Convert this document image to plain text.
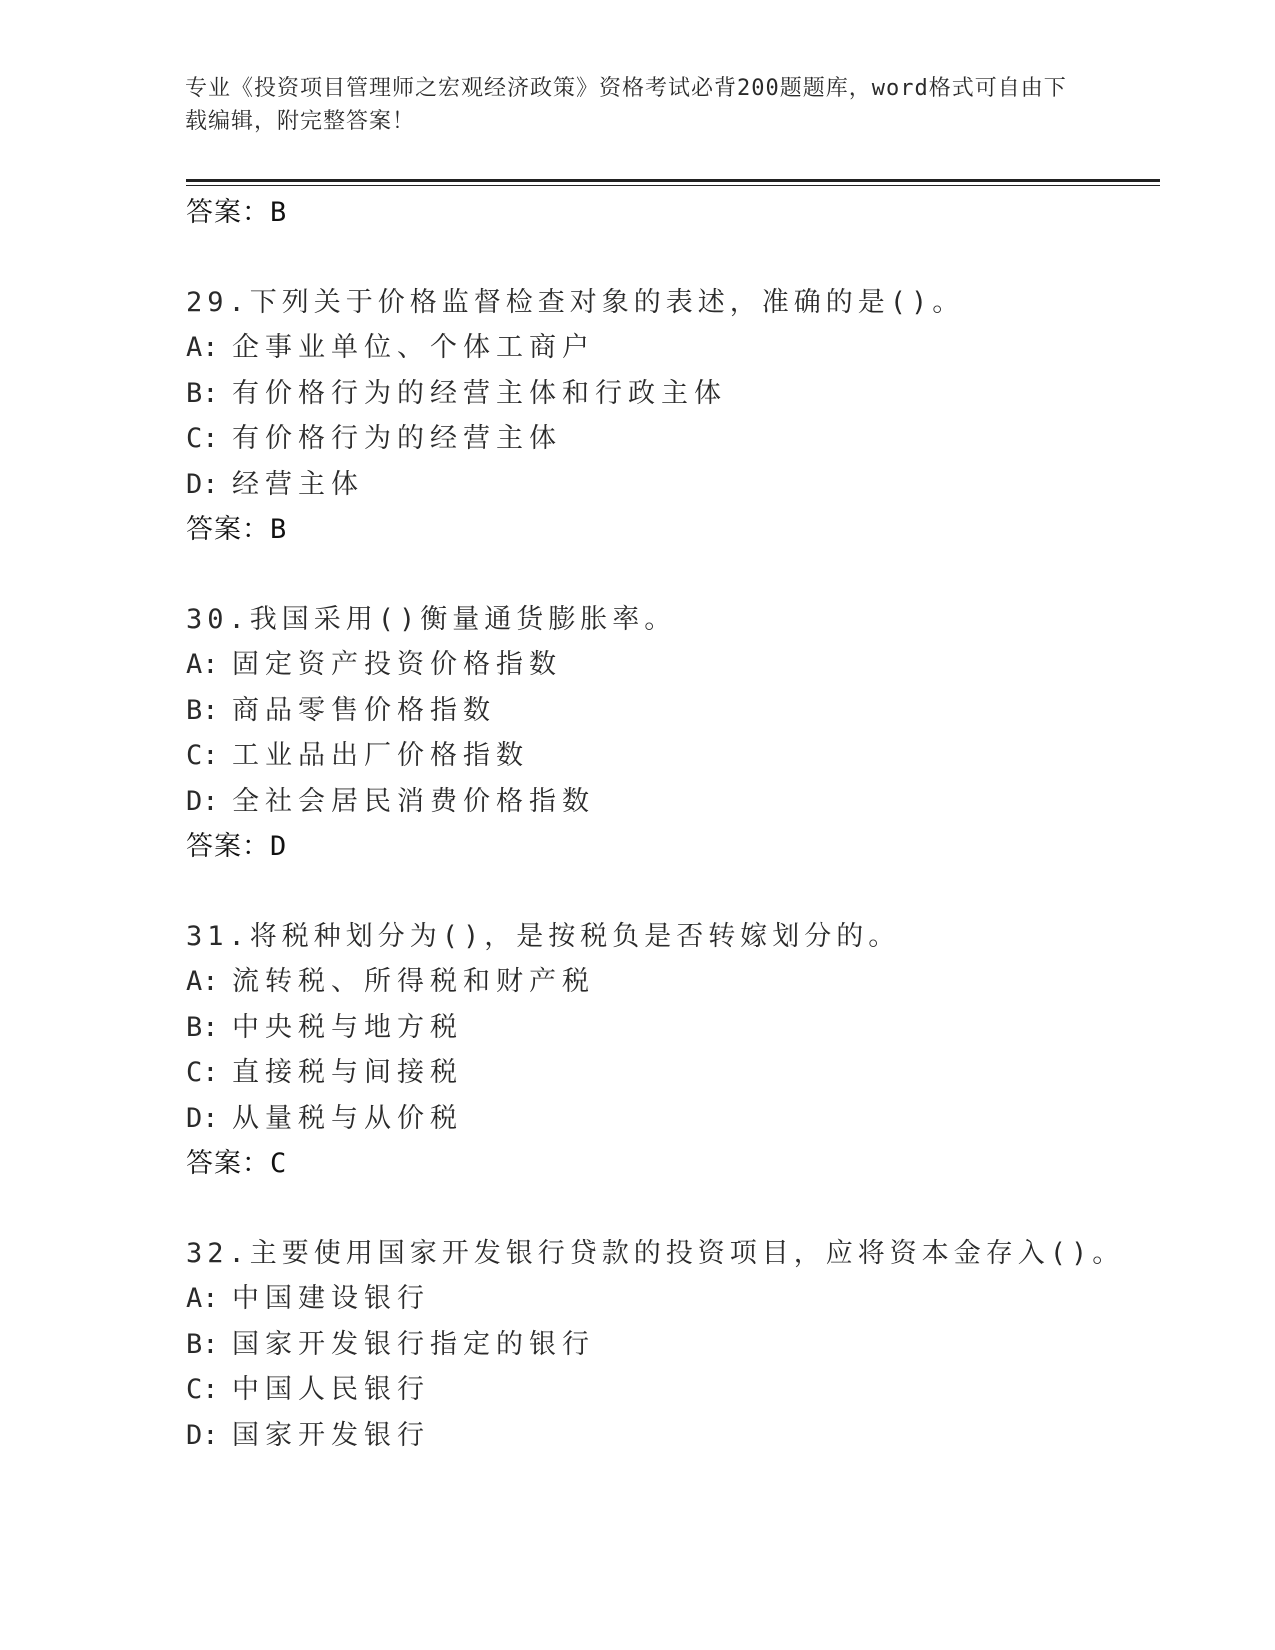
专业《投资项目管理师之宏观经济政策》资格考试必背200题题库，word格式可自由下载编辑，附完整答案！

答案：B

29.下列关于价格监督检查对象的表述，准确的是()。

A: 企事业单位、个体工商户

B: 有价格行为的经营主体和行政主体

C: 有价格行为的经营主体

D: 经营主体

答案：B

30.我国采用()衡量通货膨胀率。

A: 固定资产投资价格指数

B: 商品零售价格指数

C: 工业品出厂价格指数

D: 全社会居民消费价格指数

答案：D

31.将税种划分为()，是按税负是否转嫁划分的。

A: 流转税、所得税和财产税

B: 中央税与地方税

C: 直接税与间接税

D: 从量税与从价税

答案：C

32.主要使用国家开发银行贷款的投资项目，应将资本金存入()。

A: 中国建设银行

B: 国家开发银行指定的银行

C: 中国人民银行

D: 国家开发银行
